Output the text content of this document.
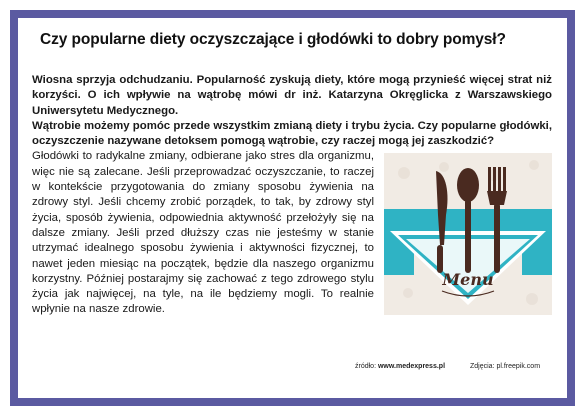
Czy popularne diety oczyszczające i głodówki to dobry pomysł?

Wiosna sprzyja odchudzaniu. Popularność zyskują diety, które mogą przynieść więcej strat niż korzyści. O ich wpływie na wątrobę mówi dr inż. Katarzyna Okręglicka z Warszawskiego Uniwersytetu Medycznego.

Wątrobie możemy pomóc przede wszystkim zmianą diety i trybu życia. Czy popularne głodówki, oczyszczenie nazywane detoksem pomogą wątrobie, czy raczej mogą jej zaszkodzić?

Menu

Głodówki to radykalne zmiany, odbierane jako stres dla organizmu, więc nie są zalecane. Jeśli przeprowadzać oczyszczanie, to raczej w kontekście przygotowania do zmiany sposobu żywienia na zdrowy styl. Jeśli chcemy zrobić porządek, to tak, by zdrowy styl życia, sposób żywienia, odpowiednia aktywność przełożyły się na dalsze zmiany. Jeśli przed dłuższy czas nie jesteśmy w stanie utrzymać idealnego sposobu żywienia i aktywności fizycznej, to nawet jeden miesiąc na początek, będzie dla naszego organizmu korzystny. Później postarajmy się zachować z tego zdrowego stylu życia jak najwięcej, na tyle, na ile będziemy mogli. To realnie wpłynie na nasze zdrowie.

źródło: www.medexpress.pl	Zdjęcia: pl.freepik.com
